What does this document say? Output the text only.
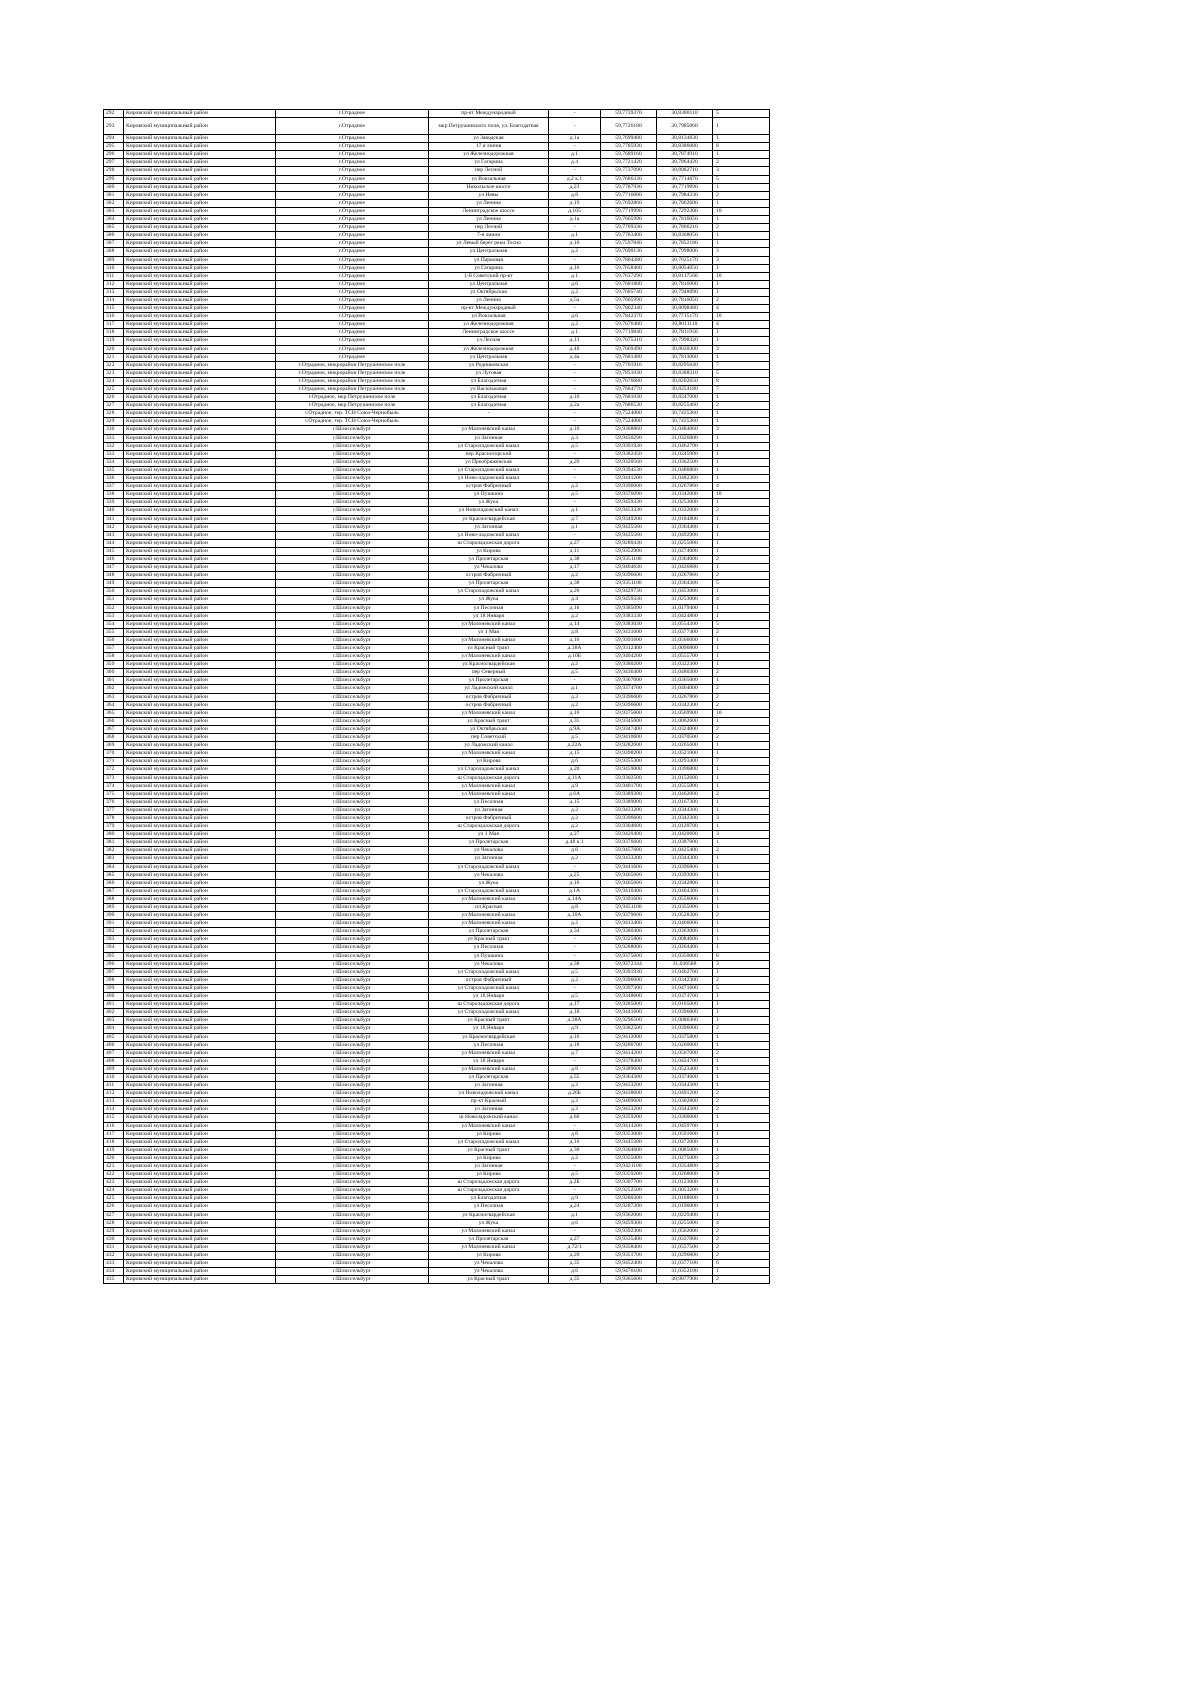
292	Кировский муниципальный район	г.Отрадное	пр-кт Международный	-	59,7739370	30,8380110	5
293	Кировский муниципальный район	г.Отрадное	мкр Петрушинского поля, ул. Благодатная	-	59,7726180	30,7985060	1
294	Кировский муниципальный район	г.Отрадное	ул Заводская	д.1а	59,7699480	30,8134830	1
295	Кировский муниципальный район	г.Отрадное	17 я линия	-	59,7785930	30,8386080	8
296	Кировский муниципальный район	г.Отрадное	ул Железнодорожная	д.1	59,7689160	30,7874910	1
297	Кировский муниципальный район	г.Отрадное	ул Гагарина	д.4	59,7721420	30,7864420	2
298	Кировский муниципальный район	г.Отрадное	пер Лесной	-	59,7737090	30,8082710	3
299	Кировский муниципальный район	г.Отрадное	ул Вокзальная	д.2 к.1	59,7686330	30,7714870	5
300	Кировский муниципальный район	г.Отрадное	Никольское шоссе	д.23	59,7787930	30,7719890	1
301	Кировский муниципальный район	г.Отрадное	ул Невы	д.8	59,7716080	30,7984330	2
302	Кировский муниципальный район	г.Отрадное	ул Ленина	д.19	59,7692860	30,7862600	1
303	Кировский муниципальный район	г.Отрадное	Ленинградское шоссе	д.105	59,7719990	30,7292300	10
304	Кировский муниципальный район	г.Отрадное	ул Ленина	д.1а	59,7665990	30,7816050	1
305	Кировский муниципальный район	г.Отрадное	пер Лесной	-	59,7709330	30,7866210	2
306	Кировский муниципальный район	г.Отрадное	7-я линия	д.1	59,7783400	30,8368050	1
307	Кировский муниципальный район	г.Отрадное	ул Левый берег реки Тосно	д.10	59,7597840	30,7852180	1
308	Кировский муниципальный район	г.Отрадное	ул Центральная	д.2	59,7690130	30,7998000	3
309	Кировский муниципальный район	г.Отрадное	ул Парковая	-	59,7804380	30,7625170	3
310	Кировский муниципальный район	г.Отрадное	ул Гагарина	д.16	59,7658460	30,8054050	1
311	Кировский муниципальный район	г.Отрадное	1-й Советский пр-кт	д.1	59,7637290	30,8117560	10
312	Кировский муниципальный район	г.Отрадное	ул Центральная	д.6	59,7681800	30,7816000	1
313	Кировский муниципальный район	г.Отрадное	ул Октябрьская	д.2	59,7685740	30,7948890	1
314	Кировский муниципальный район	г.Отрадное	ул Ленина	д.5а	59,7665990	30,7816050	2
315	Кировский муниципальный район	г.Отрадное	пр-кт Международный	-	59,7802340	30,8098480	4
316	Кировский муниципальный район	г.Отрадное	ул Вокзальная	д.6	59,7842370	30,7715170	10
317	Кировский муниципальный район	г.Отрадное	ул Железнодорожная	д.2	59,7676480	30,8011110	4
318	Кировский муниципальный район	г.Отрадное	Ленинградское шоссе	д.1	59,7719840	30,7811950	1
319	Кировский муниципальный район	г.Отрадное	ул Лесная	д.13	59,7675310	30,7998320	1
320	Кировский муниципальный район	г.Отрадное	ул Железнодорожная	д.4б	59,7669490	30,8030300	3
321	Кировский муниципальный район	г.Отрадное	ул Центральная	д.4а	59,7681480	30,7813060	1
322	Кировский муниципальный район	г.Отрадное, микрорайон Петрушинское поле	ул Родниковская	-	59,7701916	30,8295640	7
323	Кировский муниципальный район	г.Отрадное, микрорайон Петрушинское поле	ул Луговая	-	59,7851030	30,8388310	5
324	Кировский муниципальный район	г.Отрадное, микрорайон Петрушинское поле	ул Благодатная	-	59,7676680	30,8202650	8
325	Кировский муниципальный район	г.Отрадное, микрорайон Петрушинское поле	ул Васильковая	-	59,7684770	30,8254180	7
326	Кировский муниципальный район	г.Отрадное, мкр Петрушинское поле	ул Благодатная	д.10	59,7681030	30,8247000	1
327	Кировский муниципальный район	г.Отрадное, мкр Петрушинское поле	ул Благодатная	д.2а	59,7686530	30,8255460	2
328	Кировский муниципальный район	г.Отрадное, тер. ТСН Союз-Чернобыль	-	-	59,7524080	30,7425360	1
329	Кировский муниципальный район	г.Отрадное, тер. ТСН Союз-Чернобыль		-	59,7524080	30,7425360	1
330	Кировский муниципальный район	г.Шлиссельбург	ул Малоневский канал	д.10	59,9368860	31,0484060	3
331	Кировский муниципальный район	г.Шлиссельбург	ул Затонная	д.3	59,9450290	31,0326800	1
332	Кировский муниципальный район	г.Шлиссельбург	ул Староладожский канал	д.5	59,9391930	31,0462790	1
333	Кировский муниципальный район	г.Шлиссельбург	пер Красногорский	-	59,9382450	31,0245900	1
334	Кировский муниципальный район	г.Шлиссельбург	ул Преображенская	д.20	59,9320560	31,0362500	1
335	Кировский муниципальный район	г.Шлиссельбург	ул Староладожский канал	-	59,9394530	31,0486860	1
336	Кировский муниципальный район	г.Шлиссельбург	ул Ново-ладожский канал	-	59,9441200	31,0482360	1
337	Кировский муниципальный район	г.Шлиссельбург	остров Фабричный	д.2	59,9396600	31,0267860	4
338	Кировский муниципальный район	г.Шлиссельбург	ул Пушкина	д.5	59,9376090	31,0342000	10
339	Кировский муниципальный район	г.Шлиссельбург	ул Жука	-	59,9459330	31,0253000	1
340	Кировский муниципальный район	г.Шлиссельбург	ул Новоладожский канал	д.1	59,9453330	31,0332000	2
341	Кировский муниципальный район	г.Шлиссельбург	ул Красногвардейская	д.7	59,9349200	31,0184800	1
342	Кировский муниципальный район	г.Шлиссельбург	ул Затонная	д.1	59,9435560	31,0364400	1
343	Кировский муниципальный район	г.Шлиссельбург	ул Ново-ладожский канал	-	59,9435560	31,0492900	1
344	Кировский муниципальный район	г.Шлиссельбург	ш Староладожская дорога	д.27	59,9280430	31,0255080	1
345	Кировский муниципальный район	г.Шлиссельбург	ул Кирова	д.11	59,9352900	31,0274000	1
346	Кировский муниципальный район	г.Шлиссельбург	ул Пролетарская	д.38	59,9351100	31,0364000	2
347	Кировский муниципальный район	г.Шлиссельбург	ул Чекалова	д.17	59,9464630	31,0426880	1
348	Кировский муниципальный район	г.Шлиссельбург	остров Фабричный	д.2	59,9396600	31,0267860	2
349	Кировский муниципальный район	г.Шлиссельбург	ул Пролетарская	д.38	59,9351100	31,0364300	5
350	Кировский муниципальный район	г.Шлиссельбург	ул Староладожский канал	д.26	59,9429730	31,0453080	1
351	Кировский муниципальный район	г.Шлиссельбург	ул Жука	д.4	59,9459330	31,0253000	4
352	Кировский муниципальный район	г.Шлиссельбург	ул Песочная	д.16	59,9385090	31,0179400	1
353	Кировский муниципальный район	г.Шлиссельбург	ул 18 Января	д.2	59,9383330	31,0424860	1
354	Кировский муниципальный район	г.Шлиссельбург	ул Малоневский канал	д.14	59,9383030	31,0554300	5
355	Кировский муниципальный район	г.Шлиссельбург	ул 1 Мая	д.8	59,9431600	31,0377400	2
356	Кировский муниципальный район	г.Шлиссельбург	ул Малоневский канал	д.16	59,9391600	31,0566000	1
357	Кировский муниципальный район	г.Шлиссельбург	ул Красный тракт	д.38А	59,9312400	31,0096800	1
358	Кировский муниципальный район	г.Шлиссельбург	ул Малоневский канал	д.10Б	59,9404200	31,0555700	1
359	Кировский муниципальный район	г.Шлиссельбург	ул Красногвардейская	д.2	59,9380200	31,0322300	1
360	Кировский муниципальный район	г.Шлиссельбург	пер Северный	д.5	59,9436400	31,0480300	2
361	Кировский муниципальный район	г.Шлиссельбург	ул Пролетарская	-	59,9367000	31,0365000	1
362	Кировский муниципальный район	г.Шлиссельбург	ул Ладожский канал	д.1	59,9374700	31,0464000	2
363	Кировский муниципальный район	г.Шлиссельбург	остров Фабричный	д.2	59,9396600	31,0267860	2
364	Кировский муниципальный район	г.Шлиссельбург	остров Фабричный	д.2	59,9396600	31,0342300	2
365	Кировский муниципальный район	г.Шлиссельбург	ул Малоневский канал	д.16	59,9375600	31,0569900	10
366	Кировский муниципальный район	г.Шлиссельбург	ул Красный тракт	д.35	59,9345600	31,0062600	1
367	Кировский муниципальный район	г.Шлиссельбург	ул Октябрьская	д.9А	59,9347400	31,0324000	2
368	Кировский муниципальный район	г.Шлиссельбург	пер Советский	д.5	59,9410600	31,0370500	2
369	Кировский муниципальный район	г.Шлиссельбург	ул Ладожский канал	д.22А	59,9282600	31,0265600	1
370	Кировский муниципальный район	г.Шлиссельбург	ул Малоневский канал	д.15	59,9398200	31,0521000	1
371	Кировский муниципальный район	г.Шлиссельбург	ул Кирова	д.6	59,9355300	31,0293400	7
372	Кировский муниципальный район	г.Шлиссельбург	ул Староладожский канал	д.20	59,9459000	31,0396800	1
373	Кировский муниципальный район	г.Шлиссельбург	ш Староладожская дорога	д.11А	59,9302500	31,0152600	1
374	Кировский муниципальный район	г.Шлиссельбург	ул Малоневский канал	д.9	59,9401700	31,0555000	1
375	Кировский муниципальный район	г.Шлиссельбург	ул Малоневский канал	д.6А	59,9389300	31,0462000	2
376	Кировский муниципальный район	г.Шлиссельбург	ул Песочная	д.15	59,9389000	31,0167300	1
377	Кировский муниципальный район	г.Шлиссельбург	ул Затонная	д.2	59,9433200	31,0344300	1
378	Кировский муниципальный район	г.Шлиссельбург	остров Фабричный	д.2	59,9396600	31,0342300	3
379	Кировский муниципальный район	г.Шлиссельбург	ш Староладожская дорога	д.2	59,9304600	31,0120700	1
380	Кировский муниципальный район	г.Шлиссельбург	ул 1 Мая	д.27	59,9420400	31,0420600	3
381	Кировский муниципальный район	г.Шлиссельбург	ул Пролетарская	д.48 к.1	59,9376600	31,0387000	1
382	Кировский муниципальный район	г.Шлиссельбург	ул Чекалова	д.6	59,9457600	31,0425400	2
383	Кировский муниципальный район	г.Шлиссельбург	ул Затонная	д.2	59,9433200	31,0344300	1
384	Кировский муниципальный район	г.Шлиссельбург	ул Староладожский канал	-	59,9441600	31,0396800	1
385	Кировский муниципальный район	г.Шлиссельбург	ул Чекалова	д.25	59,9465600	31,0393000	1
386	Кировский муниципальный район	г.Шлиссельбург	ул Жука	д.16	59,9465600	31,0342800	1
387	Кировский муниципальный район	г.Шлиссельбург	ул Староладожский канал	д.1А	59,9410400	31,0464300	1
388	Кировский муниципальный район	г.Шлиссельбург	ул Малоневский канал	д.14А	59,9391600	31,0556000	1
389	Кировский муниципальный район	г.Шлиссельбург	пл Красная	д.8	59,9451100	31,0355000	1
390	Кировский муниципальный район	г.Шлиссельбург	ул Малоневский канал	д.10А	59,9379600	31,0528300	2
391	Кировский муниципальный район	г.Шлиссельбург	ул Малоневский канал	д.2	59,9413400	31,0466000	1
392	Кировский муниципальный район	г.Шлиссельбург	ул Пролетарская	д.34	59,9380400	31,0363000	1
393	Кировский муниципальный район	г.Шлиссельбург	ул Красный тракт	-	59,9325800	31,0084600	1
394	Кировский муниципальный район	г.Шлиссельбург	ул Песочная	-	59,9288000	31,0264400	1
395	Кировский муниципальный район	г.Шлиссельбург	ул Пушкина	-	59,9375600	31,0350000	8
396	Кировский муниципальный район	г.Шлиссельбург	ул Чекалова	д.38	59,9372344	31,036588	3
397	Кировский муниципальный район	г.Шлиссельбург	ул Староладожский канал	д.5	59,9391930	31,0462700	1
398	Кировский муниципальный район	г.Шлиссельбург	остров Фабричный	д.2	59,9396600	31,0342300	2
399	Кировский муниципальный район	г.Шлиссельбург	ул Староладожский канал	-	59,9397300	31,0471600	5
400	Кировский муниципальный район	г.Шлиссельбург	ул 18 Января	д.5	59,9348600	31,0374700	1
401	Кировский муниципальный район	г.Шлиссельбург	ш Староладожская дорога	д.17	59,9285000	31,0165000	1
402	Кировский муниципальный район	г.Шлиссельбург	ул Староладожский канал	д.18	59,9441600	31,0396800	1
403	Кировский муниципальный район	г.Шлиссельбург	ул Красный тракт	д.38А	59,9296500	31,0086300	1
404	Кировский муниципальный район	г.Шлиссельбург	ул 18 Января	д.9	59,9382500	31,0396000	2
405	Кировский муниципальный район	г.Шлиссельбург	ул Красногвардейская	д.16	59,9412000	31,0375800	1
406	Кировский муниципальный район	г.Шлиссельбург	ул Песочная	д.18	59,9286700	31,0260000	1
407	Кировский муниципальный район	г.Шлиссельбург	ул Малоневский канал	д.7	59,9414200	31,0567000	2
408	Кировский муниципальный район	г.Шлиссельбург	ул 18 Января	-	59,9378400	31,0424700	1
409	Кировский муниципальный район	г.Шлиссельбург	ул Малоневский канал	д.6	59,9389600	31,0523400	1
410	Кировский муниципальный район	г.Шлиссельбург	ул Пролетарская	д.55	59,9364300	31,0374600	1
411	Кировский муниципальный район	г.Шлиссельбург	ул Затонная	д.2	59,9433200	31,0344300	1
412	Кировский муниципальный район	г.Шлиссельбург	ул Новоладожский канал	д.26Б	59,9438600	31,0491200	2
413	Кировский муниципальный район	г.Шлиссельбург	пр-кт Красный	д.2	59,9409600	31,0302800	2
414	Кировский муниципальный район	г.Шлиссельбург	ул Затонная	д.2	59,9433200	31,0344300	2
415	Кировский муниципальный район	г.Шлиссельбург	ш Новоладожский канал	д.6б	59,9359200	31,0366000	1
416	Кировский муниципальный район	г.Шлиссельбург	ул Малоневский канал	-	59,9414200	31,0459700	1
417	Кировский муниципальный район	г.Шлиссельбург	ул Кирова	д.6	59,9353000	31,0591600	1
418	Кировский муниципальный район	г.Шлиссельбург	ул Староладожский канал	д.16	59,9445300	31,0372000	1
419	Кировский муниципальный район	г.Шлиссельбург	ул Красный тракт	д.30	59,9304600	31,0085000	1
420	Кировский муниципальный район	г.Шлиссельбург	ул Кирова	д.2	59,9355000	31,0275000	2
421	Кировский муниципальный район	г.Шлиссельбург	ул Затонная	-	59,9421100	31,0354800	2
422	Кировский муниципальный район	г.Шлиссельбург	ул Кирова	д.5	59,9359200	31,0268000	3
423	Кировский муниципальный район	г.Шлиссельбург	ш Староладожская дорога	д.2Б	59,9307700	31,0123000	1
424	Кировский муниципальный район	г.Шлиссельбург	ш Староладожская дорога	-	59,9252500	31,0053200	1
425	Кировский муниципальный район	г.Шлиссельбург	ул Благодатная	д.9	59,9280300	31,0188600	1
426	Кировский муниципальный район	г.Шлиссельбург	ул Песочная	д.24	59,9287300	31,0196000	1
427	Кировский муниципальный район	г.Шлиссельбург	ул Красногвардейская	д.1	59,9362000	31,0229400	1
428	Кировский муниципальный район	г.Шлиссельбург	ул Жука	д.6	59,9459300	31,0255000	4
429	Кировский муниципальный район	г.Шлиссельбург	ул Малоневский канал	-	59,9392300	31,0562000	2
430	Кировский муниципальный район	г.Шлиссельбург	ул Пролетарская	д.27	59,9335400	31,0337800	2
431	Кировский муниципальный район	г.Шлиссельбург	ул Малоневский канал	д.72/1	59,9358400	31,0557500	2
432	Кировский муниципальный район	г.Шлиссельбург	ул Кирова	д.20	59,9351700	31,0296800	2
433	Кировский муниципальный район	г.Шлиссельбург	ул Чекалова	д.35	59,9452400	31,0377100	6
434	Кировский муниципальный район	г.Шлиссельбург	ул Чекалова	д.6	59,9476100	31,0352100	1
435	Кировский муниципальный район	г.Шлиссельбург	ул Красный тракт	д.35	59,9365600	30,9877900	2
